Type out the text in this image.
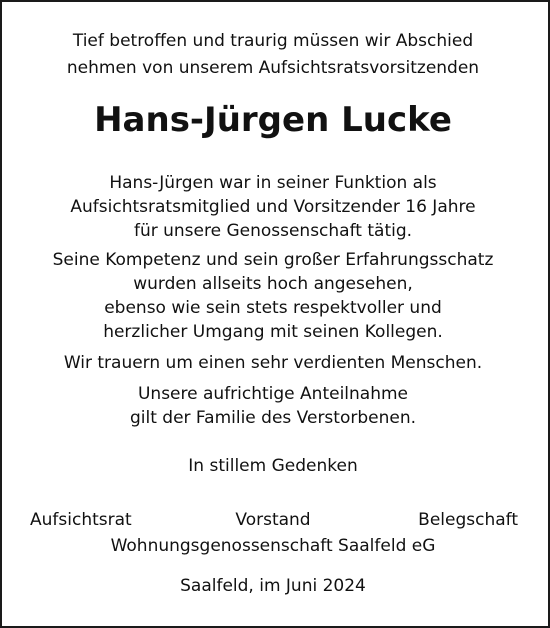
Tief betroffen und traurig müssen wir Abschied
nehmen von unserem Aufsichtsratsvorsitzenden
Hans-Jürgen Lucke
Hans-Jürgen war in seiner Funktion als
Aufsichtsratsmitglied und Vorsitzender 16 Jahre
für unsere Genossenschaft tätig.
Seine Kompetenz und sein großer Erfahrungsschatz
wurden allseits hoch angesehen,
ebenso wie sein stets respektvoller und
herzlicher Umgang mit seinen Kollegen.
Wir trauern um einen sehr verdienten Menschen.
Unsere aufrichtige Anteilnahme
gilt der Familie des Verstorbenen.
In stillem Gedenken
Aufsichtsrat	Vorstand	Belegschaft
Wohnungsgenossenschaft Saalfeld eG
Saalfeld, im Juni 2024
